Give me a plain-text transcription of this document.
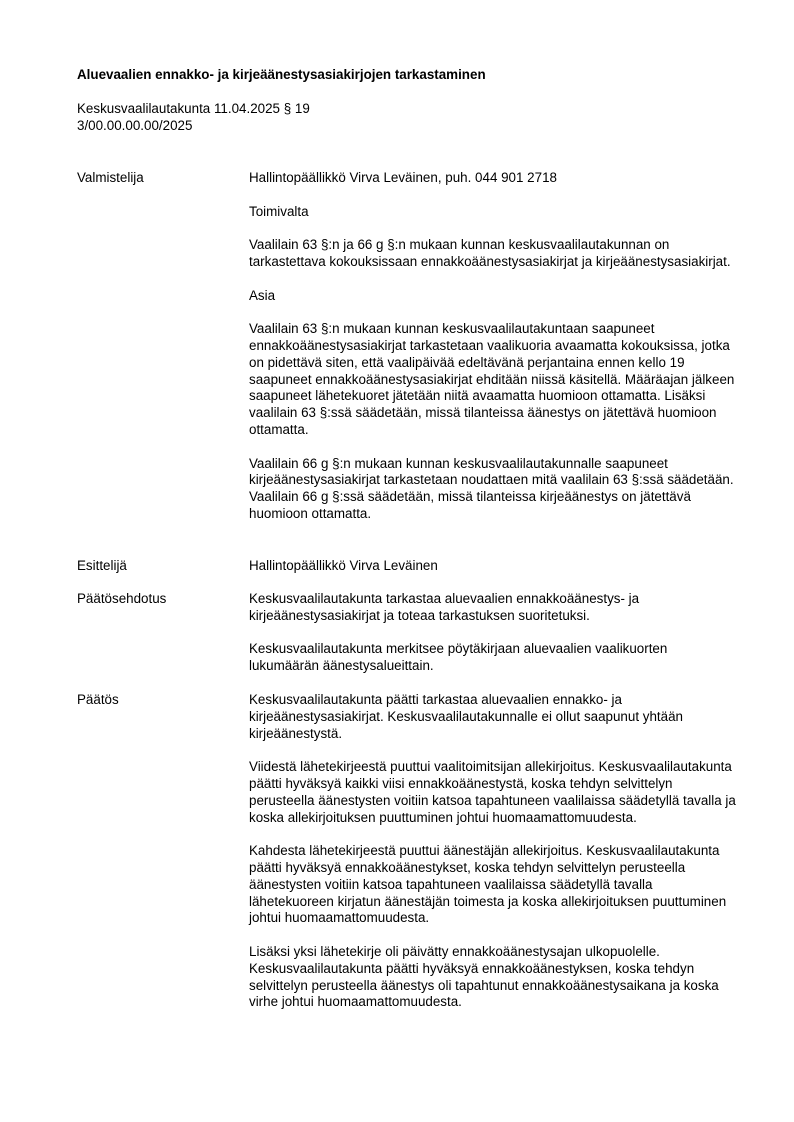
Aluevaalien ennakko- ja kirjeäänestysasiakirjojen tarkastaminen
Keskusvaalilautakunta 11.04.2025 § 19
3/00.00.00.00/2025
Valmistelija	Hallintopäällikkö Virva Leväinen, puh. 044 901 2718

Toimivalta

Vaalilain 63 §:n ja 66 g §:n mukaan kunnan keskusvaalilautakunnan on tarkastettava kokouksissaan ennakkoäänestysasiakirjat ja kirjeäänestysasiakirjat.

Asia

Vaalilain 63 §:n mukaan kunnan keskusvaalilautakuntaan saapuneet ennakkoäänestysasiakirjat tarkastetaan vaalikuoria avaamatta kokouksissa, jotka on pidettävä siten, että vaalipäivää edeltävänä perjantaina ennen kello 19 saapuneet ennakkoäänestysasiakirjat ehditään niissä käsitellä. Määräajan jälkeen saapuneet lähetekuoret jätetään niitä avaamatta huomioon ottamatta. Lisäksi vaalilain 63 §:ssä säädetään, missä tilanteissa äänestys on jätettävä huomioon ottamatta.

Vaalilain 66 g §:n mukaan kunnan keskusvaalilautakunnalle saapuneet kirjeäänestysasiakirjat tarkastetaan noudattaen mitä vaalilain 63 §:ssä säädetään. Vaalilain 66 g §:ssä säädetään, missä tilanteissa kirjeäänestys on jätettävä huomioon ottamatta.

Esittelijä	Hallintopäällikkö Virva Leväinen

Päätösehdotus	Keskusvaalilautakunta tarkastaa aluevaalien ennakkoäänestys- ja kirjeäänestysasiakirjat ja toteaa tarkastuksen suoritetuksi.

Keskusvaalilautakunta merkitsee pöytäkirjaan aluevaalien vaalikuorten lukumäärän äänestysalueittain.

Päätös	Keskusvaalilautakunta päätti tarkastaa aluevaalien ennakko- ja kirjeäänestysasiakirjat. Keskusvaalilautakunnalle ei ollut saapunut yhtään kirjeäänestystä.

Viidestä lähetekirjeestä puuttui vaalitoimitsijan allekirjoitus. Keskusvaalilautakunta päätti hyväksyä kaikki viisi ennakkoäänestystä, koska tehdyn selvittelyn perusteella äänestysten voitiin katsoa tapahtuneen vaalilaissa säädetyllä tavalla ja koska allekirjoituksen puuttuminen johtui huomaamattomuudesta.

Kahdesta lähetekirjeestä puuttui äänestäjän allekirjoitus. Keskusvaalilautakunta päätti hyväksyä ennakkoäänestykset, koska tehdyn selvittelyn perusteella äänestysten voitiin katsoa tapahtuneen vaalilaissa säädetyllä tavalla lähetekuoreen kirjatun äänestäjän toimesta ja koska allekirjoituksen puuttuminen johtui huomaamattomuudesta.

Lisäksi yksi lähetekirje oli päivätty ennakkoäänestysajan ulkopuolelle. Keskusvaalilautakunta päätti hyväksyä ennakkoäänestyksen, koska tehdyn selvittelyn perusteella äänestys oli tapahtunut ennakkoäänestysaikana ja koska virhe johtui huomaamattomuudesta.
